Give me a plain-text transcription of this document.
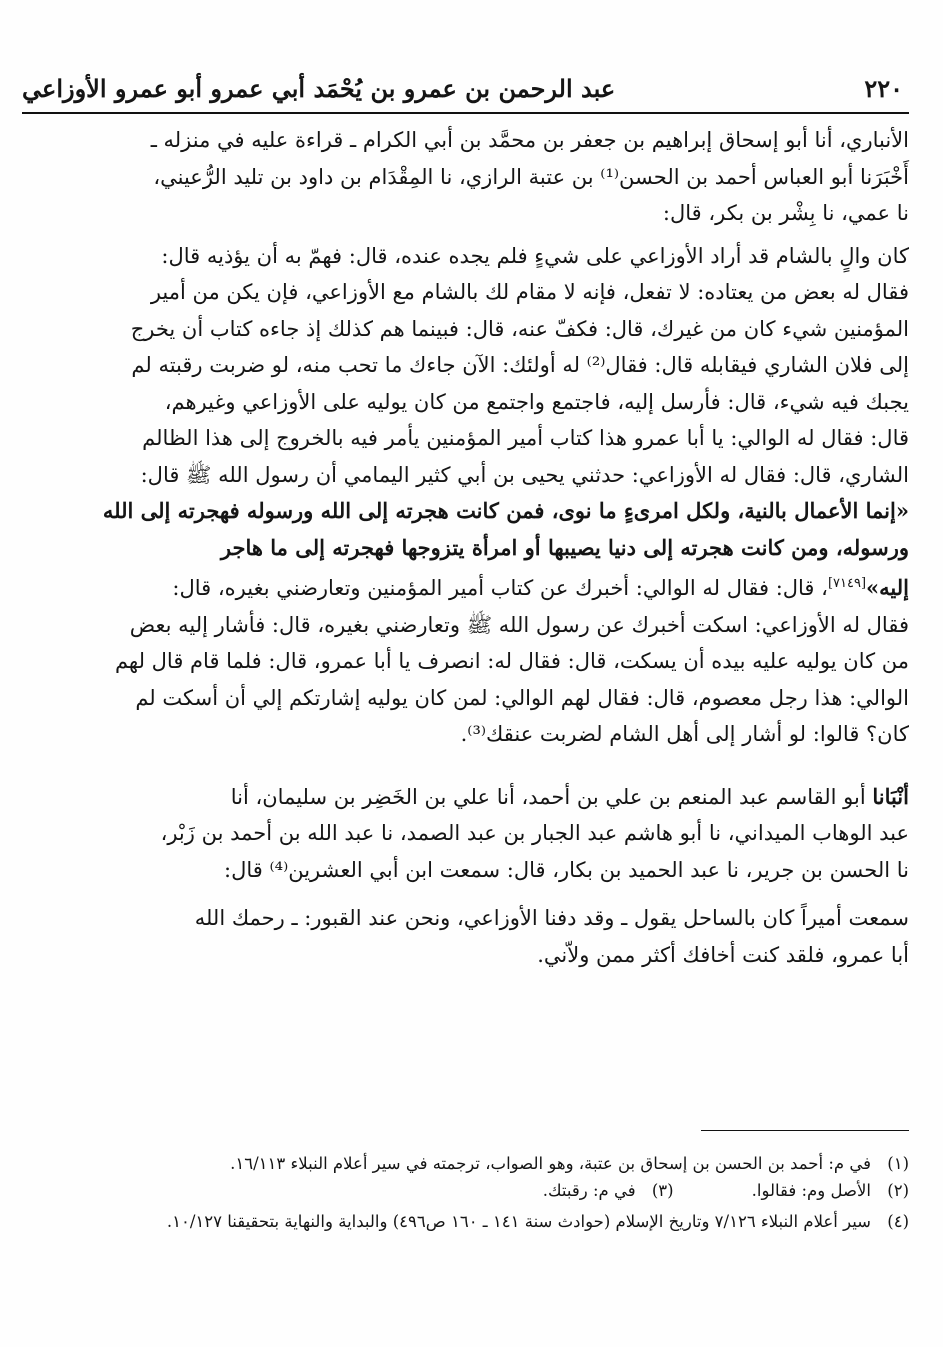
٢٢٠
عبد الرحمن بن عمرو بن يُحْمَد أبي عمرو أبو عمرو الأوزاعي
الأنباري، أنا أبو إسحاق إبراهيم بن جعفر بن محمَّد بن أبي الكرام ـ قراءة عليه في منزله ـ
أَخْبَرَنا أبو العباس أحمد بن الحسن⁽¹⁾ بن عتبة الرازي، نا المِقْدَام بن داود بن تليد الرُّعيني،
نا عمي، نا بِشْر بن بكر، قال:
كان والٍ بالشام قد أراد الأوزاعي على شيءٍ فلم يجده عنده، قال: فهمّ به أن يؤذيه قال:
فقال له بعض من يعتاده: لا تفعل، فإنه لا مقام لك بالشام مع الأوزاعي، فإن يكن من أمير
المؤمنين شيء كان من غيرك، قال: فكفّ عنه، قال: فبينما هم كذلك إذ جاءه كتاب أن يخرج
إلى فلان الشاري فيقابله قال: فقال⁽²⁾ له أولئك: الآن جاءك ما تحب منه، لو ضربت رقبته لم
يجبك فيه شيء، قال: فأرسل إليه، فاجتمع واجتمع من كان يوليه على الأوزاعي وغيرهم،
قال: فقال له الوالي: يا أبا عمرو هذا كتاب أمير المؤمنين يأمر فيه بالخروج إلى هذا الظالم
الشاري، قال: فقال له الأوزاعي: حدثني يحيى بن أبي كثير اليمامي أن رسول الله ﷺ قال:
«إنما الأعمال بالنية، ولكل امرىءٍ ما نوى، فمن كانت هجرته إلى الله ورسوله فهجرته إلى الله
ورسوله، ومن كانت هجرته إلى دنيا يصيبها أو امرأة يتزوجها فهجرته إلى ما هاجر
إليه»[٧١٤٩]، قال: فقال له الوالي: أخبرك عن كتاب أمير المؤمنين وتعارضني بغيره، قال:
فقال له الأوزاعي: اسكت أخبرك عن رسول الله ﷺ وتعارضني بغيره، قال: فأشار إليه بعض
من كان يوليه عليه بيده أن يسكت، قال: فقال له: انصرف يا أبا عمرو، قال: فلما قام قال لهم
الوالي: هذا رجل معصوم، قال: فقال لهم الوالي: لمن كان يوليه إشارتكم إلي أن أسكت لم
كان؟ قالوا: لو أشار إلى أهل الشام لضربت عنقك⁽³⁾.
أنْبَانا أبو القاسم عبد المنعم بن علي بن أحمد، أنا علي بن الخَضِر بن سليمان، أنا
عبد الوهاب الميداني، نا أبو هاشم عبد الجبار بن عبد الصمد، نا عبد الله بن أحمد بن زَبْر،
نا الحسن بن جرير، نا عبد الحميد بن بكار، قال: سمعت ابن أبي العشرين⁽⁴⁾ قال:
سمعت أميراً كان بالساحل يقول ـ وقد دفنا الأوزاعي، ونحن عند القبور: ـ رحمك الله
أبا عمرو، فلقد كنت أخافك أكثر ممن ولاّني.
(١)
في م: أحمد بن الحسن بن إسحاق بن عتبة، وهو الصواب، ترجمته في سير أعلام النبلاء ١٦/١١٣.
(٢)
الأصل وم: فقالوا.
(٣)
في م: رقبتك.
(٤)
سير أعلام النبلاء ٧/١٢٦ وتاريخ الإسلام (حوادث سنة ١٤١ ـ ١٦٠ ص٤٩٦) والبداية والنهاية بتحقيقنا ١٠/١٢٧.
